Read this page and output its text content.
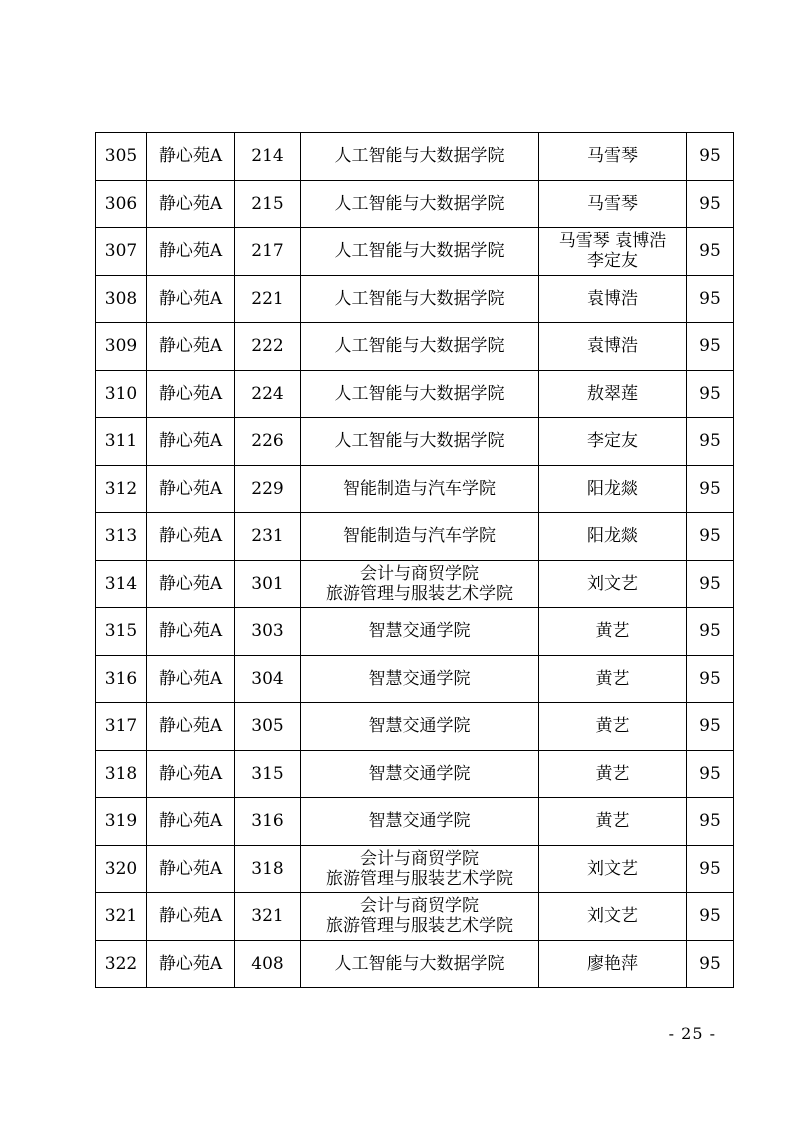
305	静心苑A	214	人工智能与大数据学院	马雪琴	95
306	静心苑A	215	人工智能与大数据学院	马雪琴	95
307	静心苑A	217	人工智能与大数据学院	马雪琴 袁博浩
李定友	95
308	静心苑A	221	人工智能与大数据学院	袁博浩	95
309	静心苑A	222	人工智能与大数据学院	袁博浩	95
310	静心苑A	224	人工智能与大数据学院	敖翠莲	95
311	静心苑A	226	人工智能与大数据学院	李定友	95
312	静心苑A	229	智能制造与汽车学院	阳龙燚	95
313	静心苑A	231	智能制造与汽车学院	阳龙燚	95
314	静心苑A	301	会计与商贸学院
旅游管理与服装艺术学院	刘文艺	95
315	静心苑A	303	智慧交通学院	黄艺	95
316	静心苑A	304	智慧交通学院	黄艺	95
317	静心苑A	305	智慧交通学院	黄艺	95
318	静心苑A	315	智慧交通学院	黄艺	95
319	静心苑A	316	智慧交通学院	黄艺	95
320	静心苑A	318	会计与商贸学院
旅游管理与服装艺术学院	刘文艺	95
321	静心苑A	321	会计与商贸学院
旅游管理与服装艺术学院	刘文艺	95
322	静心苑A	408	人工智能与大数据学院	廖艳萍	95
- 25 -
